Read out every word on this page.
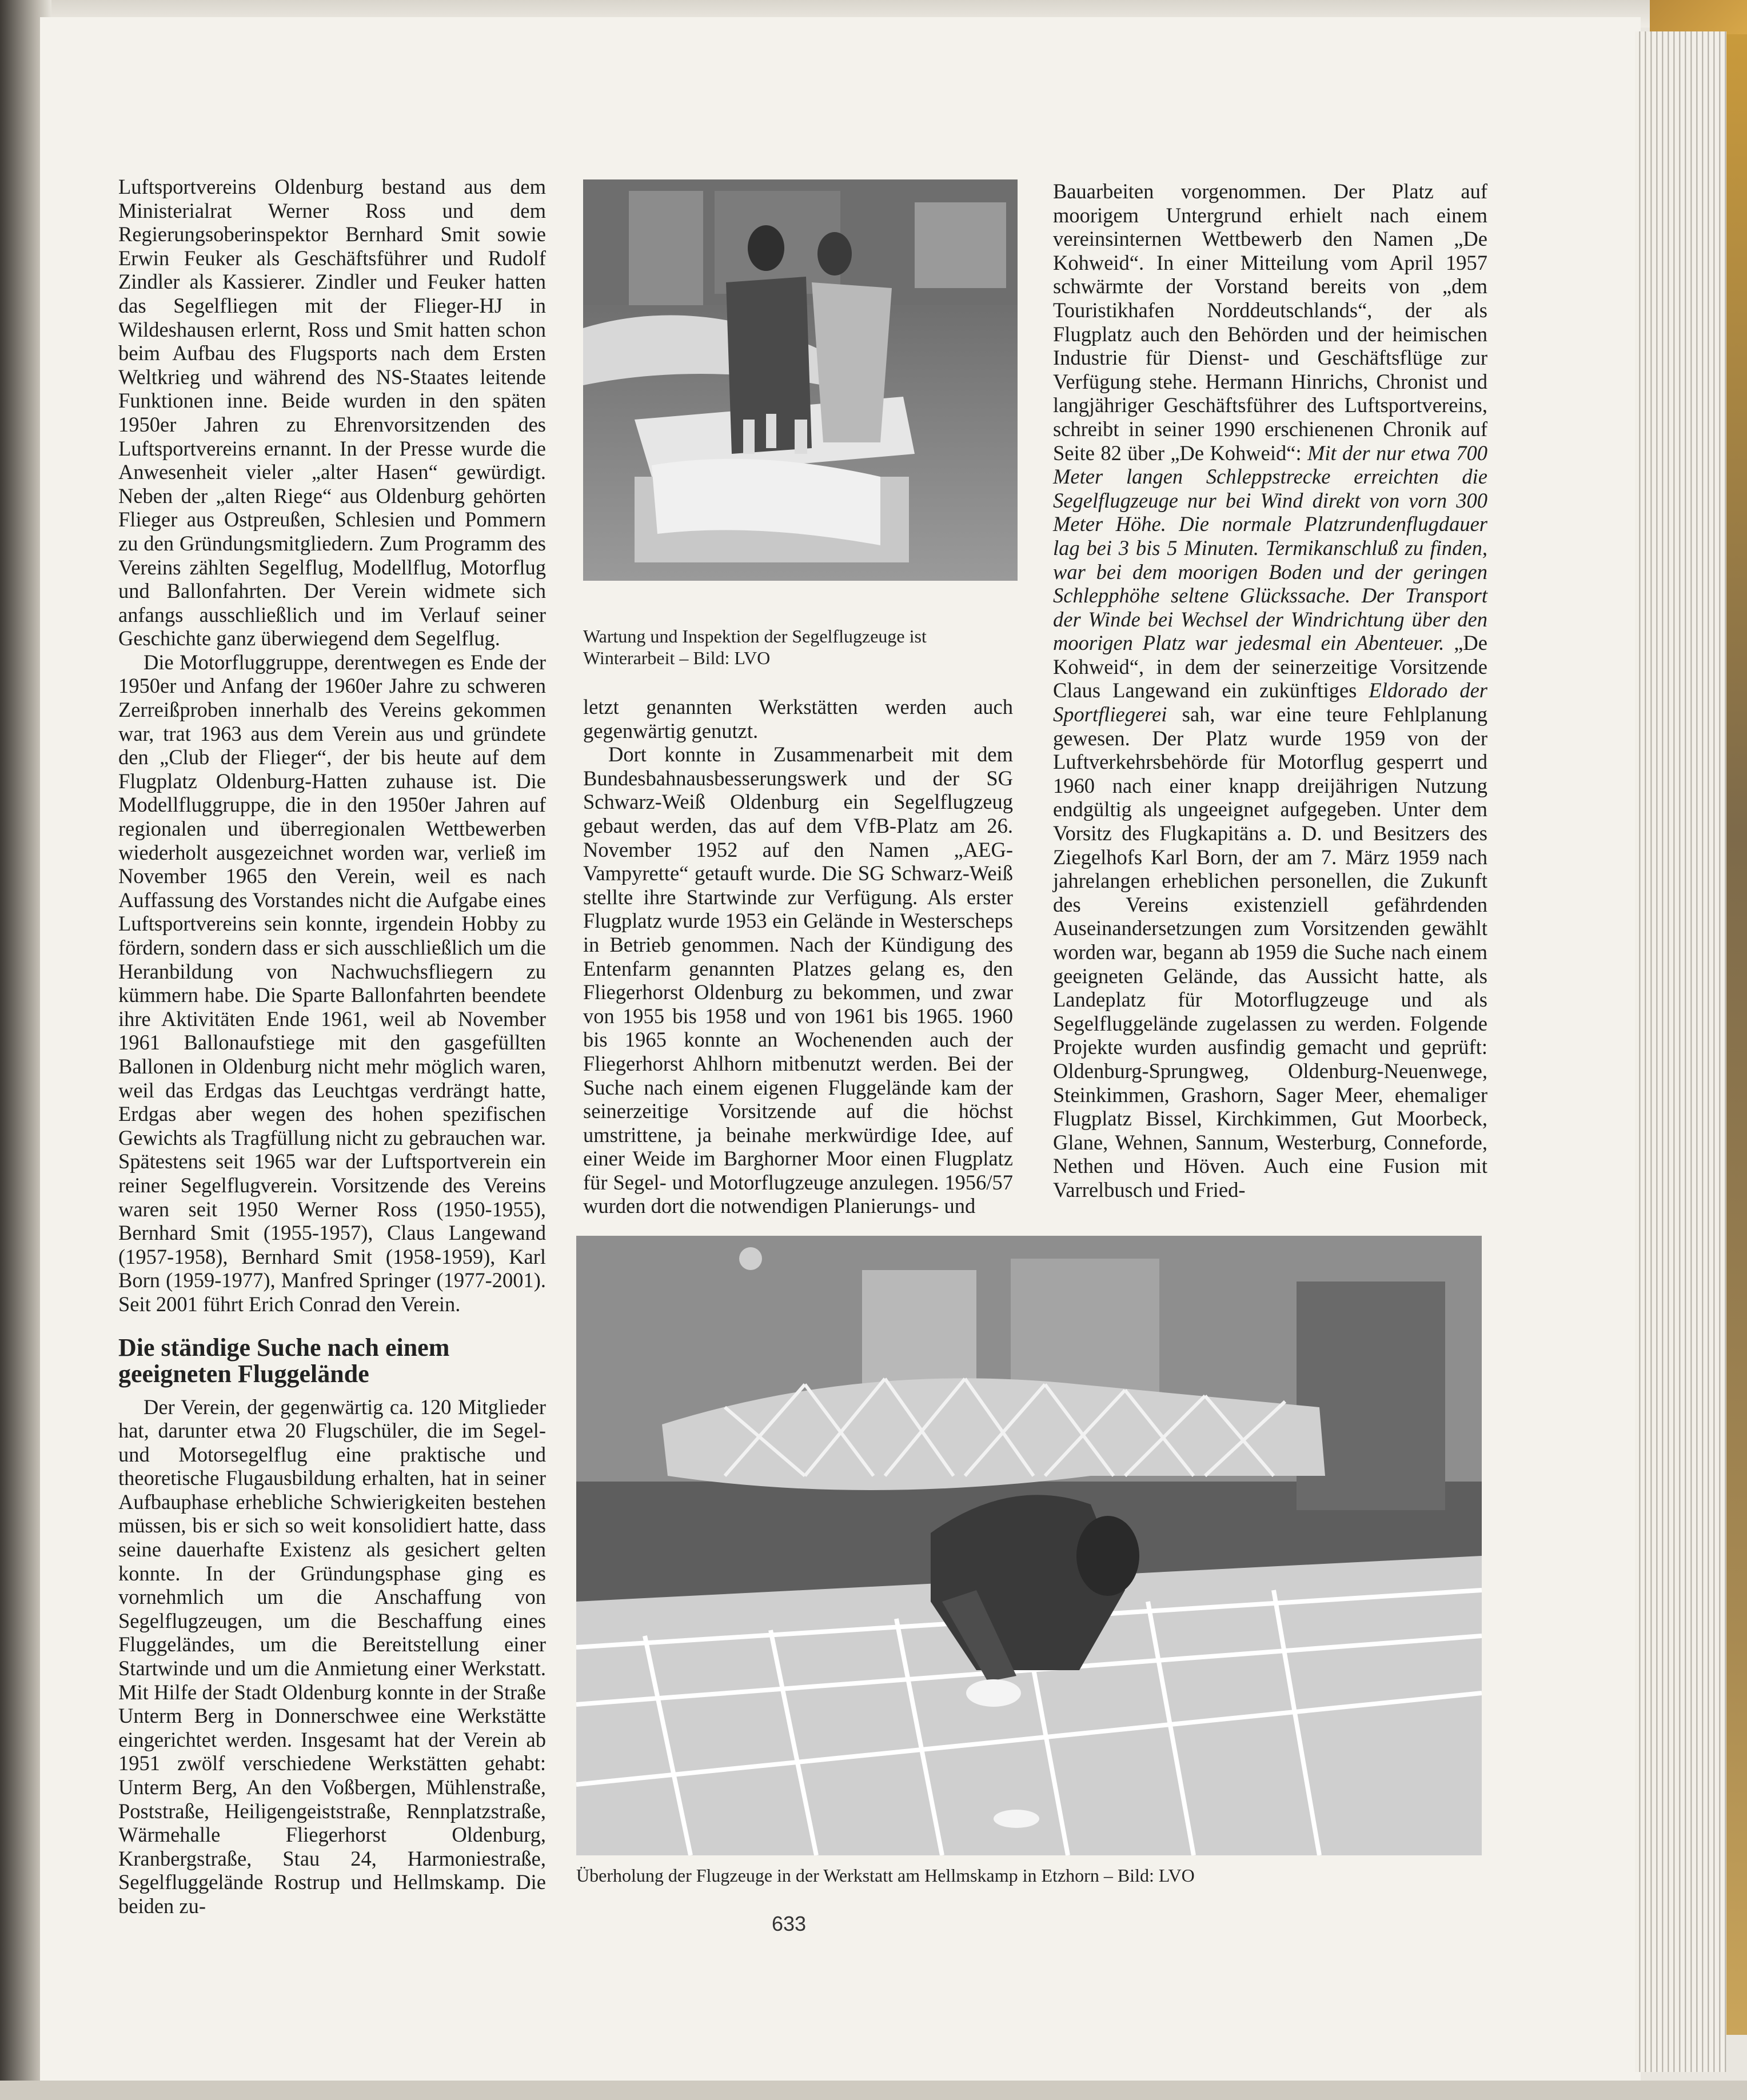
Luftsportvereins Oldenburg bestand aus dem Ministerialrat Werner Ross und dem Regierungsoberinspektor Bernhard Smit sowie Erwin Feuker als Geschäftsführer und Rudolf Zindler als Kassierer. Zindler und Feuker hatten das Segelfliegen mit der Flieger-HJ in Wildeshausen erlernt, Ross und Smit hatten schon beim Aufbau des Flugsports nach dem Ersten Weltkrieg und während des NS-Staates leitende Funktionen inne. Beide wurden in den späten 1950er Jahren zu Ehrenvorsitzenden des Luftsportvereins ernannt. In der Presse wurde die Anwesenheit vieler „alter Hasen“ gewürdigt. Neben der „alten Riege“ aus Oldenburg gehörten Flieger aus Ostpreußen, Schlesien und Pommern zu den Gründungsmitgliedern. Zum Programm des Vereins zählten Segelflug, Modellflug, Motorflug und Ballonfahrten. Der Verein widmete sich anfangs ausschließlich und im Verlauf seiner Geschichte ganz überwiegend dem Segelflug.

Die Motorfluggruppe, derentwegen es Ende der 1950er und Anfang der 1960er Jahre zu schweren Zerreißproben innerhalb des Vereins gekommen war, trat 1963 aus dem Verein aus und gründete den „Club der Flieger“, der bis heute auf dem Flugplatz Oldenburg-Hatten zuhause ist. Die Modellfluggruppe, die in den 1950er Jahren auf regionalen und überregionalen Wettbewerben wiederholt ausgezeichnet worden war, verließ im November 1965 den Verein, weil es nach Auffassung des Vorstandes nicht die Aufgabe eines Luftsportvereins sein konnte, irgendein Hobby zu fördern, sondern dass er sich ausschließlich um die Heranbildung von Nachwuchsfliegern zu kümmern habe. Die Sparte Ballonfahrten beendete ihre Aktivitäten Ende 1961, weil ab November 1961 Ballonaufstiege mit den gasgefüllten Ballonen in Oldenburg nicht mehr möglich waren, weil das Erdgas das Leuchtgas verdrängt hatte, Erdgas aber wegen des hohen spezifischen Gewichts als Tragfüllung nicht zu gebrauchen war. Spätestens seit 1965 war der Luftsportverein ein reiner Segelflugverein. Vorsitzende des Vereins waren seit 1950 Werner Ross (1950-1955), Bernhard Smit (1955-1957), Claus Langewand (1957-1958), Bernhard Smit (1958-1959), Karl Born (1959-1977), Manfred Springer (1977-2001). Seit 2001 führt Erich Conrad den Verein.

Die ständige Suche nach einem geeigneten Fluggelände

Der Verein, der gegenwärtig ca. 120 Mitglieder hat, darunter etwa 20 Flugschüler, die im Segel- und Motorsegelflug eine praktische und theoretische Flugausbildung erhalten, hat in seiner Aufbauphase erhebliche Schwierigkeiten bestehen müssen, bis er sich so weit konsolidiert hatte, dass seine dauerhafte Existenz als gesichert gelten konnte. In der Gründungsphase ging es vornehmlich um die Anschaffung von Segelflugzeugen, um die Beschaffung eines Fluggeländes, um die Bereitstellung einer Startwinde und um die Anmietung einer Werkstatt. Mit Hilfe der Stadt Oldenburg konnte in der Straße Unterm Berg in Donnerschwee eine Werkstätte eingerichtet werden. Insgesamt hat der Verein ab 1951 zwölf verschiedene Werkstätten gehabt: Unterm Berg, An den Voßbergen, Mühlenstraße, Poststraße, Heiligengeiststraße, Rennplatzstraße, Wärmehalle Fliegerhorst Oldenburg, Kranbergstraße, Stau 24, Harmoniestraße, Segelfluggelände Rostrup und Hellmskamp. Die beiden zu-

Wartung und Inspektion der Segelflugzeuge ist Winterarbeit – Bild: LVO

letzt genannten Werkstätten werden auch gegenwärtig genutzt.

Dort konnte in Zusammenarbeit mit dem Bundesbahnausbesserungswerk und der SG Schwarz-Weiß Oldenburg ein Segelflugzeug gebaut werden, das auf dem VfB-Platz am 26. November 1952 auf den Namen „AEG-Vampyrette“ getauft wurde. Die SG Schwarz-Weiß stellte ihre Startwinde zur Verfügung. Als erster Flugplatz wurde 1953 ein Gelände in Westerscheps in Betrieb genommen. Nach der Kündigung des Entenfarm genannten Platzes gelang es, den Fliegerhorst Oldenburg zu bekommen, und zwar von 1955 bis 1958 und von 1961 bis 1965. 1960 bis 1965 konnte an Wochenenden auch der Fliegerhorst Ahlhorn mitbenutzt werden. Bei der Suche nach einem eigenen Fluggelände kam der seinerzeitige Vorsitzende auf die höchst umstrittene, ja beinahe merkwürdige Idee, auf einer Weide im Barghorner Moor einen Flugplatz für Segel- und Motorflugzeuge anzulegen. 1956/57 wurden dort die notwendigen Planierungs- und

Bauarbeiten vorgenommen. Der Platz auf moorigem Untergrund erhielt nach einem vereinsinternen Wettbewerb den Namen „De Kohweid“. In einer Mitteilung vom April 1957 schwärmte der Vorstand bereits von „dem Touristikhafen Norddeutschlands“, der als Flugplatz auch den Behörden und der heimischen Industrie für Dienst- und Geschäftsflüge zur Verfügung stehe. Hermann Hinrichs, Chronist und langjähriger Geschäftsführer des Luftsportvereins, schreibt in seiner 1990 erschienenen Chronik auf Seite 82 über „De Kohweid“: Mit der nur etwa 700 Meter langen Schleppstrecke erreichten die Segelflugzeuge nur bei Wind direkt von vorn 300 Meter Höhe. Die normale Platzrundenflugdauer lag bei 3 bis 5 Minuten. Termikanschluß zu finden, war bei dem moorigen Boden und der geringen Schlepphöhe seltene Glückssache. Der Transport der Winde bei Wechsel der Windrichtung über den moorigen Platz war jedesmal ein Abenteuer. „De Kohweid“, in dem der seinerzeitige Vorsitzende Claus Langewand ein zukünftiges Eldorado der Sportfliegerei sah, war eine teure Fehlplanung gewesen. Der Platz wurde 1959 von der Luftverkehrsbehörde für Motorflug gesperrt und 1960 nach einer knapp dreijährigen Nutzung endgültig als ungeeignet aufgegeben. Unter dem Vorsitz des Flugkapitäns a. D. und Besitzers des Ziegelhofs Karl Born, der am 7. März 1959 nach jahrelangen erheblichen personellen, die Zukunft des Vereins existenziell gefährdenden Auseinandersetzungen zum Vorsitzenden gewählt worden war, begann ab 1959 die Suche nach einem geeigneten Gelände, das Aussicht hatte, als Landeplatz für Motorflugzeuge und als Segelfluggelände zugelassen zu werden. Folgende Projekte wurden ausfindig gemacht und geprüft: Oldenburg-Sprungweg, Oldenburg-Neuenwege, Steinkimmen, Grashorn, Sager Meer, ehemaliger Flugplatz Bissel, Kirchkimmen, Gut Moorbeck, Glane, Wehnen, Sannum, Westerburg, Conneforde, Nethen und Höven. Auch eine Fusion mit Varrelbusch und Fried-

Überholung der Flugzeuge in der Werkstatt am Hellmskamp in Etzhorn – Bild: LVO
633
